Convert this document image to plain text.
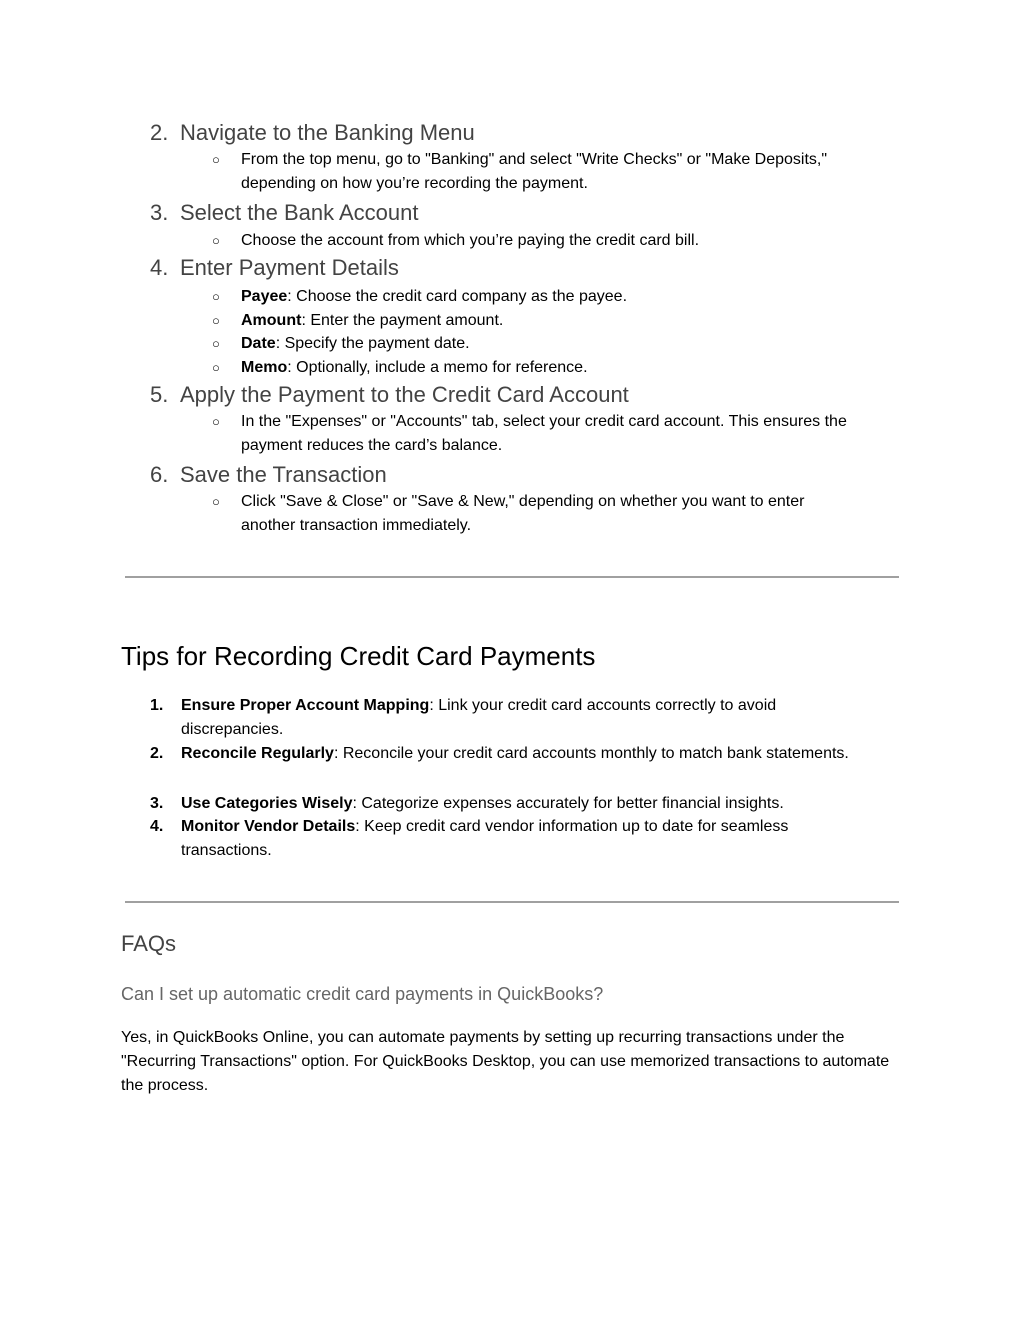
2. Navigate to the Banking Menu
○ From the top menu, go to "Banking" and select "Write Checks" or "Make Deposits," depending on how you’re recording the payment.
3. Select the Bank Account
○ Choose the account from which you’re paying the credit card bill.
4. Enter Payment Details
○ Payee: Choose the credit card company as the payee.
○ Amount: Enter the payment amount.
○ Date: Specify the payment date.
○ Memo: Optionally, include a memo for reference.
5. Apply the Payment to the Credit Card Account
○ In the "Expenses" or "Accounts" tab, select your credit card account. This ensures the payment reduces the card’s balance.
6. Save the Transaction
○ Click "Save & Close" or "Save & New," depending on whether you want to enter another transaction immediately.
Tips for Recording Credit Card Payments
1. Ensure Proper Account Mapping: Link your credit card accounts correctly to avoid discrepancies.
2. Reconcile Regularly: Reconcile your credit card accounts monthly to match bank statements.
3. Use Categories Wisely: Categorize expenses accurately for better financial insights.
4. Monitor Vendor Details: Keep credit card vendor information up to date for seamless transactions.
FAQs
Can I set up automatic credit card payments in QuickBooks?
Yes, in QuickBooks Online, you can automate payments by setting up recurring transactions under the "Recurring Transactions" option. For QuickBooks Desktop, you can use memorized transactions to automate the process.
